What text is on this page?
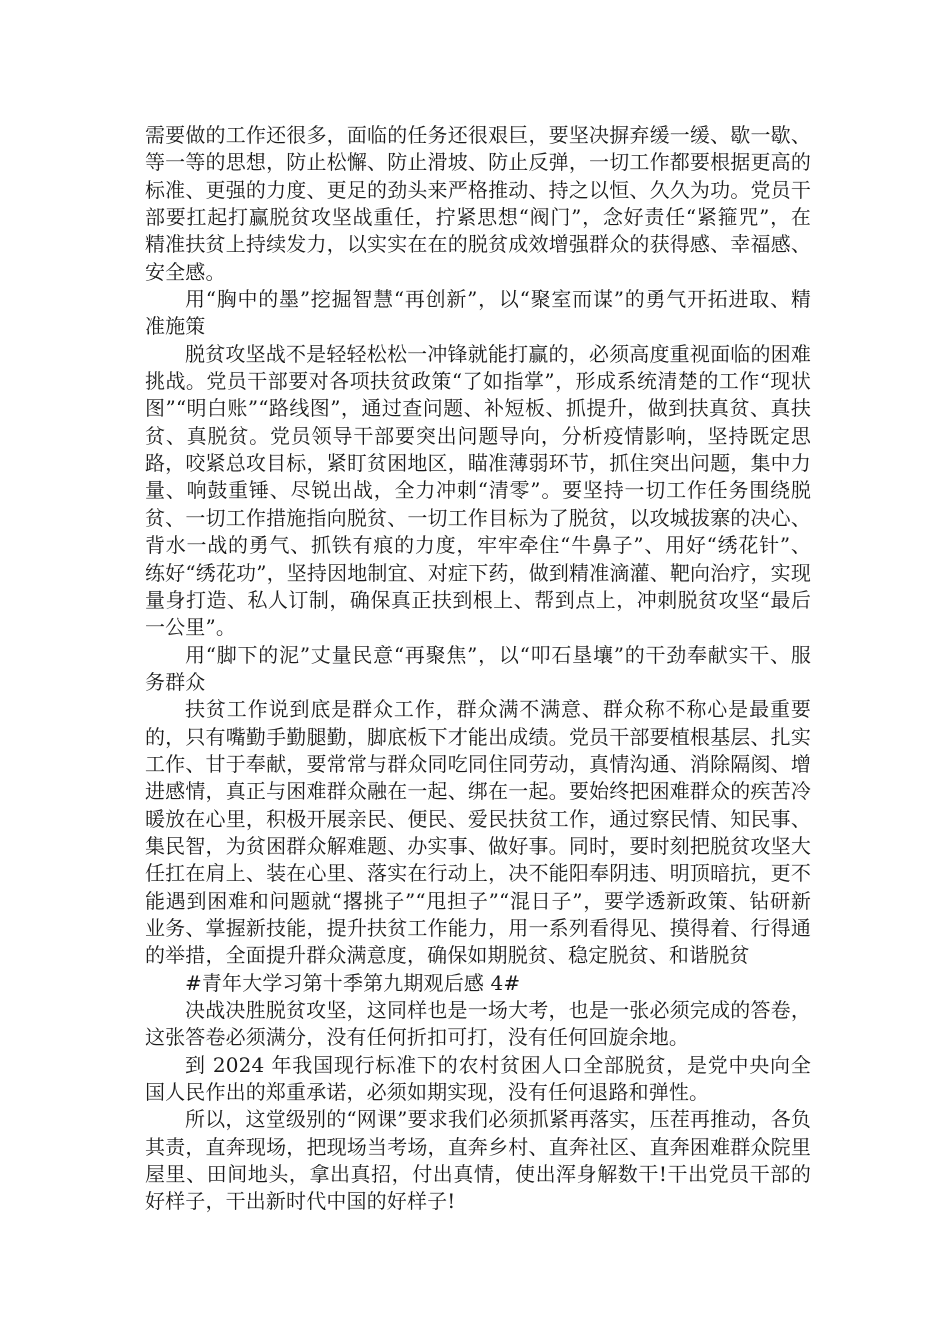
需要做的工作还很多，面临的任务还很艰巨，要坚决摒弃缓一缓、歇一歇、等一等的思想，防止松懈、防止滑坡、防止反弹，一切工作都要根据更高的标准、更强的力度、更足的劲头来严格推动、持之以恒、久久为功。党员干部要扛起打赢脱贫攻坚战重任，拧紧思想“阀门”，念好责任“紧箍咒”，在精准扶贫上持续发力，以实实在在的脱贫成效增强群众的获得感、幸福感、安全感。

用“胸中的墨”挖掘智慧“再创新”，以“聚室而谋”的勇气开拓进取、精准施策

脱贫攻坚战不是轻轻松松一冲锋就能打赢的，必须高度重视面临的困难挑战。党员干部要对各项扶贫政策“了如指掌”，形成系统清楚的工作“现状图”“明白账”“路线图”，通过查问题、补短板、抓提升，做到扶真贫、真扶贫、真脱贫。党员领导干部要突出问题导向，分析疫情影响，坚持既定思路，咬紧总攻目标，紧盯贫困地区，瞄准薄弱环节，抓住突出问题，集中力量、响鼓重锤、尽锐出战，全力冲刺“清零”。要坚持一切工作任务围绕脱贫、一切工作措施指向脱贫、一切工作目标为了脱贫，以攻城拔寨的决心、背水一战的勇气、抓铁有痕的力度，牢牢牵住“牛鼻子”、用好“绣花针”、练好“绣花功”，坚持因地制宜、对症下药，做到精准滴灌、靶向治疗，实现量身打造、私人订制，确保真正扶到根上、帮到点上，冲刺脱贫攻坚“最后一公里”。

用“脚下的泥”丈量民意“再聚焦”，以“叩石垦壤”的干劲奉献实干、服务群众

扶贫工作说到底是群众工作，群众满不满意、群众称不称心是最重要的，只有嘴勤手勤腿勤，脚底板下才能出成绩。党员干部要植根基层、扎实工作、甘于奉献，要常常与群众同吃同住同劳动，真情沟通、消除隔阂、增进感情，真正与困难群众融在一起、绑在一起。要始终把困难群众的疾苦冷暖放在心里，积极开展亲民、便民、爱民扶贫工作，通过察民情、知民事、集民智，为贫困群众解难题、办实事、做好事。同时，要时刻把脱贫攻坚大任扛在肩上、装在心里、落实在行动上，决不能阳奉阴违、明顶暗抗，更不能遇到困难和问题就“撂挑子”“甩担子”“混日子”，要学透新政策、钻研新业务、掌握新技能，提升扶贫工作能力，用一系列看得见、摸得着、行得通的举措，全面提升群众满意度，确保如期脱贫、稳定脱贫、和谐脱贫

#青年大学习第十季第九期观后感 4#

决战决胜脱贫攻坚，这同样也是一场大考，也是一张必须完成的答卷，这张答卷必须满分，没有任何折扣可打，没有任何回旋余地。

到 2024 年我国现行标准下的农村贫困人口全部脱贫，是党中央向全国人民作出的郑重承诺，必须如期实现，没有任何退路和弹性。

所以，这堂级别的“网课”要求我们必须抓紧再落实，压茬再推动，各负其责，直奔现场，把现场当考场，直奔乡村、直奔社区、直奔困难群众院里屋里、田间地头，拿出真招，付出真情，使出浑身解数干!干出党员干部的好样子，干出新时代中国的好样子!
